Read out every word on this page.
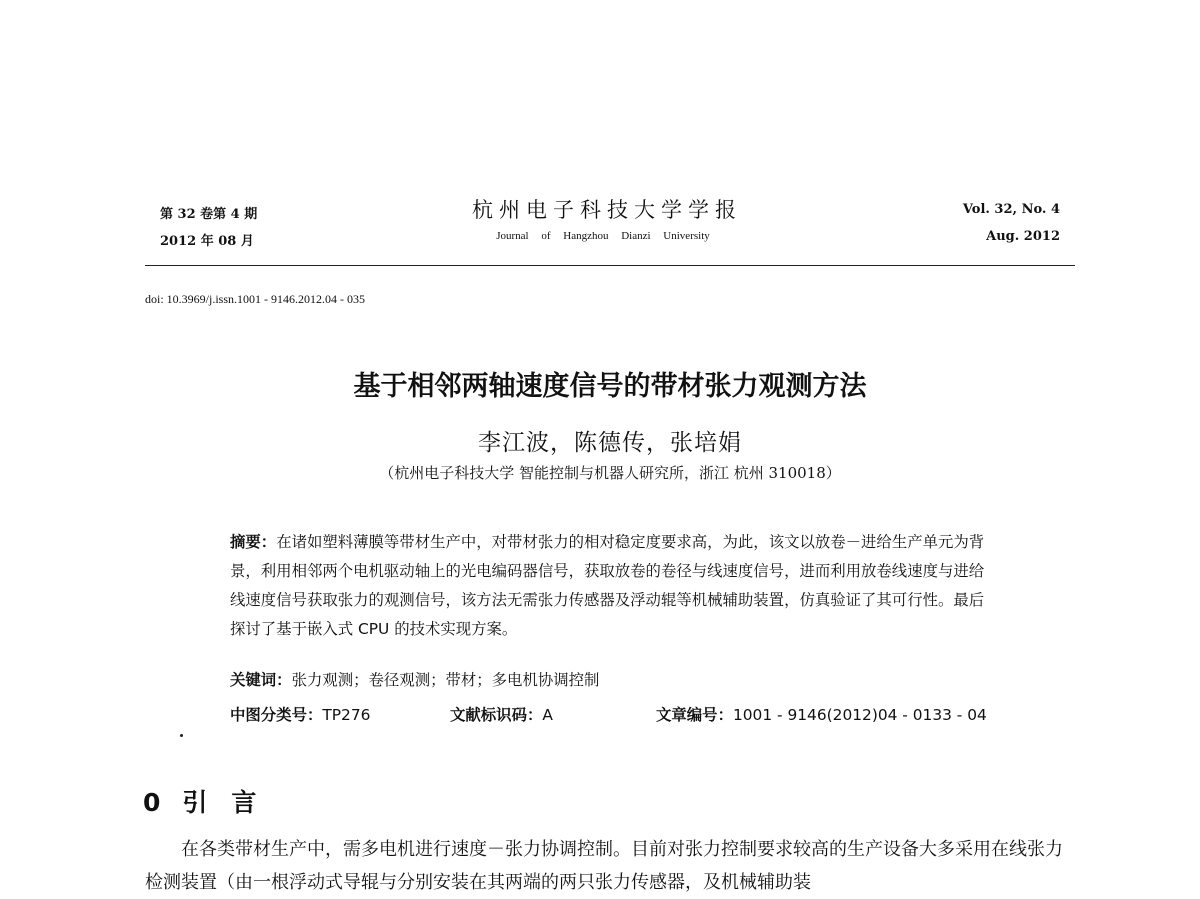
第 32 卷第 4 期
2012 年 08 月
杭州电子科技大学学报
Journal of Hangzhou Dianzi University
Vol. 32, No. 4
Aug. 2012
doi: 10.3969/j.issn.1001 - 9146.2012.04 - 035
基于相邻两轴速度信号的带材张力观测方法
李江波，陈德传，张培娟
（杭州电子科技大学 智能控制与机器人研究所，浙江 杭州 310018）

摘要：在诸如塑料薄膜等带材生产中，对带材张力的相对稳定度要求高，为此，该文以放卷－进给生产单元为背景，利用相邻两个电机驱动轴上的光电编码器信号，获取放卷的卷径与线速度信号，进而利用放卷线速度与进给线速度信号获取张力的观测信号，该方法无需张力传感器及浮动辊等机械辅助装置，仿真验证了其可行性。最后探讨了基于嵌入式 CPU 的技术实现方案。

关键词：张力观测；卷径观测；带材；多电机协调控制
中图分类号：TP276	文献标识码：A	文章编号：1001 - 9146(2012)04 - 0133 - 04
0 引言

在各类带材生产中，需多电机进行速度－张力协调控制。目前对张力控制要求较高的生产设备大多采用在线张力检测装置（由一根浮动式导辊与分别安装在其两端的两只张力传感器，及机械辅助装
